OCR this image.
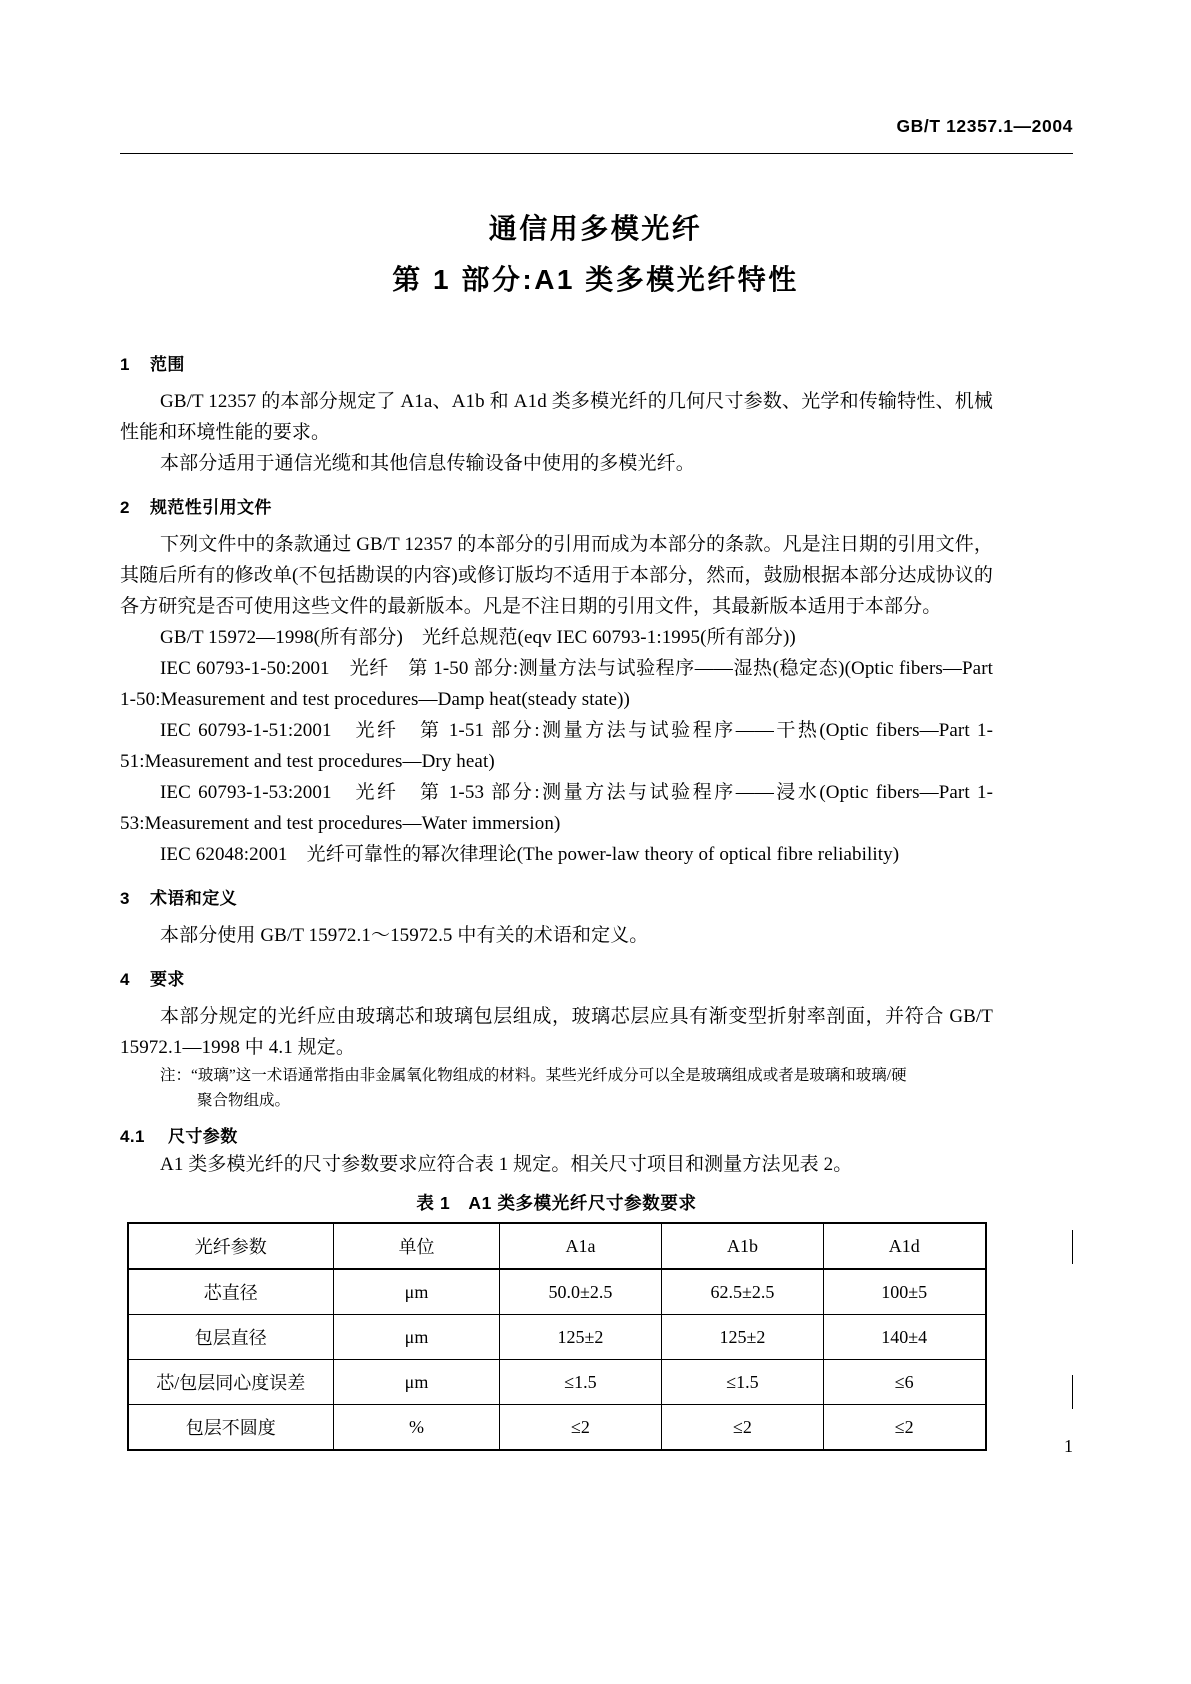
GB/T 12357.1—2004
通信用多模光纤
第 1 部分:A1 类多模光纤特性
1 范围

GB/T 12357 的本部分规定了 A1a、A1b 和 A1d 类多模光纤的几何尺寸参数、光学和传输特性、机械性能和环境性能的要求。

本部分适用于通信光缆和其他信息传输设备中使用的多模光纤。

2 规范性引用文件

下列文件中的条款通过 GB/T 12357 的本部分的引用而成为本部分的条款。凡是注日期的引用文件，其随后所有的修改单(不包括勘误的内容)或修订版均不适用于本部分，然而，鼓励根据本部分达成协议的各方研究是否可使用这些文件的最新版本。凡是不注日期的引用文件，其最新版本适用于本部分。

GB/T 15972—1998(所有部分)　光纤总规范(eqv IEC 60793-1:1995(所有部分))

IEC 60793-1-50:2001　光纤　第 1-50 部分:测量方法与试验程序——湿热(稳定态)(Optic fibers—Part 1-50:Measurement and test procedures—Damp heat(steady state))

IEC 60793-1-51:2001　光纤　第 1-51 部分:测量方法与试验程序——干热(Optic fibers—Part 1-51:Measurement and test procedures—Dry heat)

IEC 60793-1-53:2001　光纤　第 1-53 部分:测量方法与试验程序——浸水(Optic fibers—Part 1-53:Measurement and test procedures—Water immersion)

IEC 62048:2001　光纤可靠性的幂次律理论(The power-law theory of optical fibre reliability)

3 术语和定义

本部分使用 GB/T 15972.1～15972.5 中有关的术语和定义。

4 要求

本部分规定的光纤应由玻璃芯和玻璃包层组成，玻璃芯层应具有渐变型折射率剖面，并符合 GB/T 15972.1—1998 中 4.1 规定。

注：“玻璃”这一术语通常指由非金属氧化物组成的材料。某些光纤成分可以全是玻璃组成或者是玻璃和玻璃/硬

聚合物组成。

4.1 尺寸参数

A1 类多模光纤的尺寸参数要求应符合表 1 规定。相关尺寸项目和测量方法见表 2。

表 1　A1 类多模光纤尺寸参数要求
光纤参数	单位	A1a	A1b	A1d
芯直径	μm	50.0±2.5	62.5±2.5	100±5
包层直径	μm	125±2	125±2	140±4
芯/包层同心度误差	μm	≤1.5	≤1.5	≤6
包层不圆度	%	≤2	≤2	≤2
1
